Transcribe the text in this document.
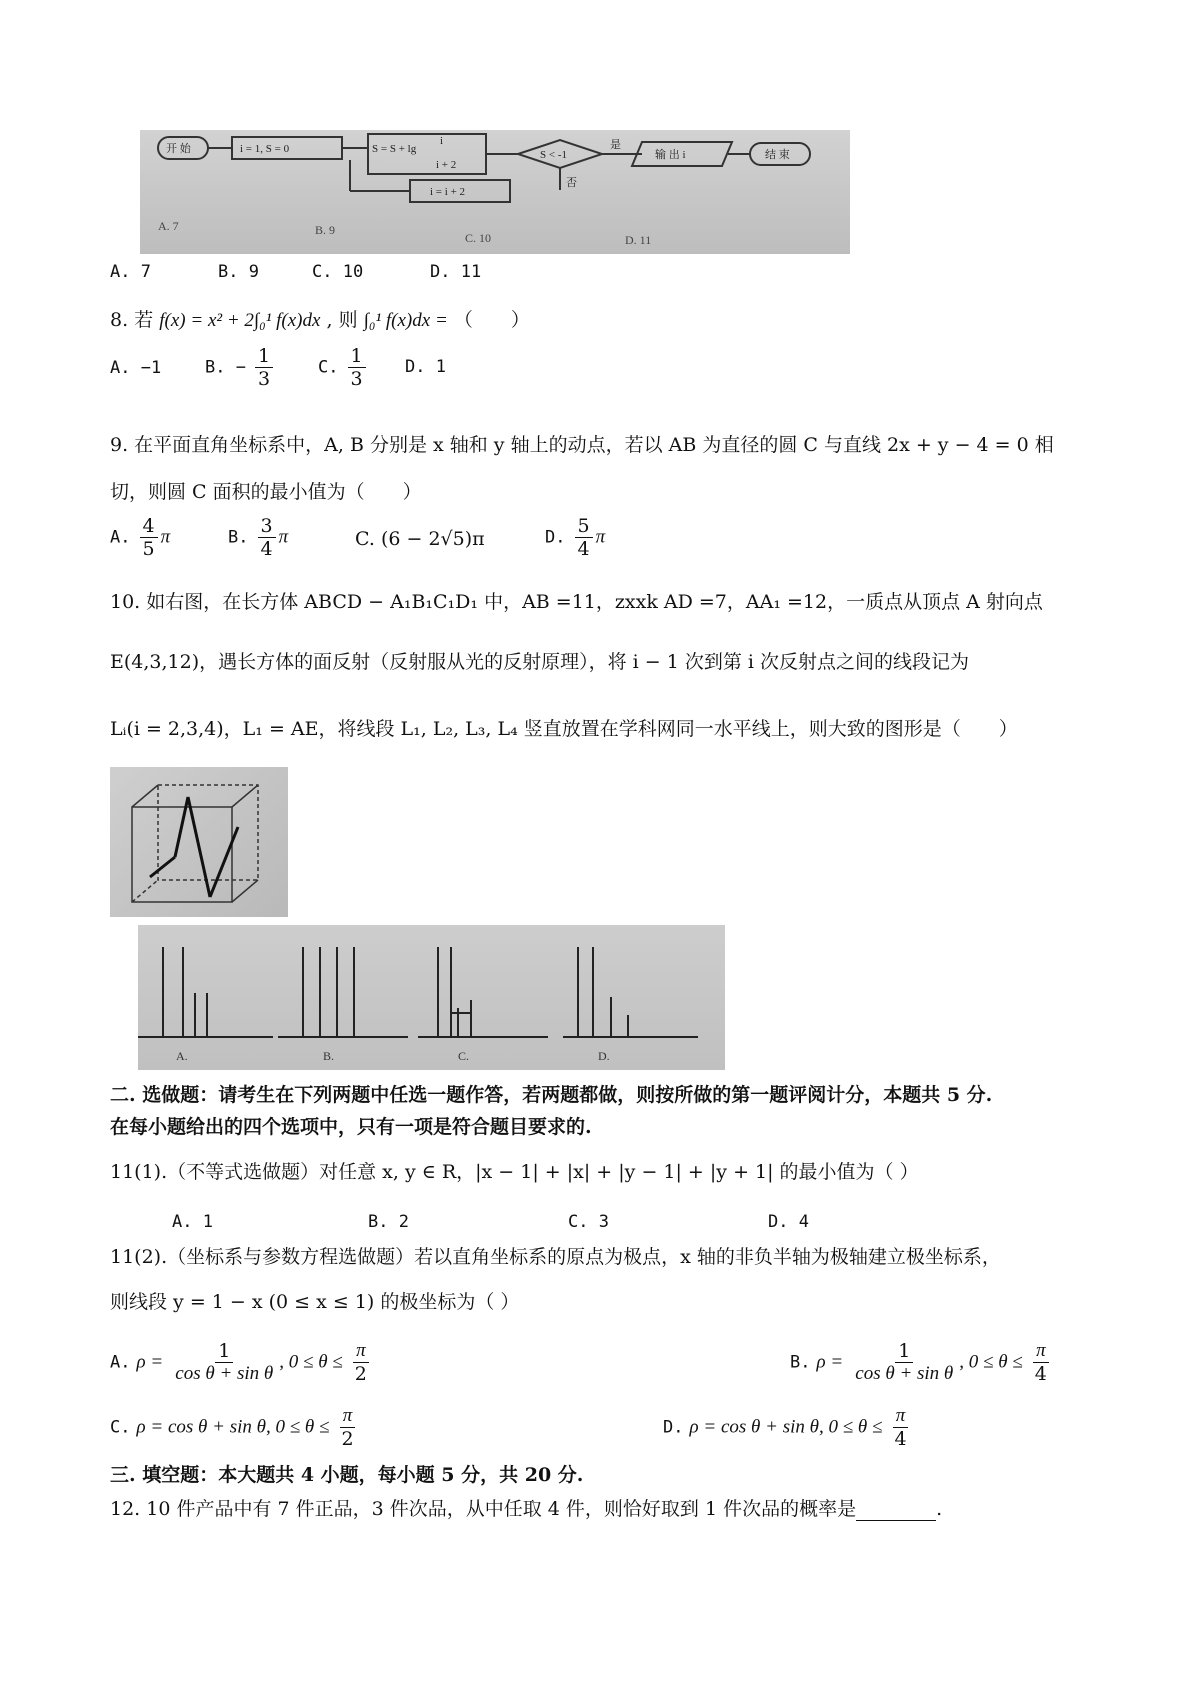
开 始	i = 1, S = 0	S = S + lg
i
i + 2
S < -1
是
否
输 出 i	结 束
i = i + 2
A. 7	B. 9
C. 10	D. 11
A. 7	B. 9	C. 10	D. 11
8. 若 f(x) = x² + 2∫₀¹ f(x)dx , 则 ∫₀¹ f(x)dx = （　　）
A. −1	B. − $\frac{1}{3}$	C. $\frac{1}{3} D$. 1
9. 在平面直角坐标系中，A, B 分别是 x 轴和 y 轴上的动点，若以 AB 为直径的圆 C 与直线 2x + y − 4 = 0 相
切，则圆 C 面积的最小值为（　　）
A. $\frac{4}{5}$ π	B. $\frac{3}{4}$ π	C. (6 − 2√5)π	D. $\frac{5}{4}$ π
10. 如右图，在长方体 ABCD − A₁B₁C₁D₁ 中，AB =11，zxxk AD =7，AA₁ =12，一质点从顶点 A 射向点
E(4,3,12)，遇长方体的面反射（反射服从光的反射原理），将 i − 1 次到第 i 次反射点之间的线段记为
Lᵢ(i = 2,3,4)，L₁ = AE，将线段 L₁, L₂, L₃, L₄ 竖直放置在学科网同一水平线上，则大致的图形是（　　）
A.	B.	C.	D.
二. 选做题：请考生在下列两题中任选一题作答，若两题都做，则按所做的第一题评阅计分，本题共 5 分.
在每小题给出的四个选项中，只有一项是符合题目要求的.
11(1).（不等式选做题）对任意 x, y ∈ R，|x − 1| + |x| + |y − 1| + |y + 1| 的最小值为（ ）
A. 1	B. 2	C. 3	D. 4
11(2).（坐标系与参数方程选做题）若以直角坐标系的原点为极点，x 轴的非负半轴为极轴建立极坐标系，
则线段 y = 1 − x (0 ≤ x ≤ 1) 的极坐标为（ ）
A. $\rho = \frac{1}{\text{cos θ + sin θ}}$ , $0 \le \theta \le \frac{\pi}{2}$	B. $\rho = \frac{1}{\text{cos θ + sin θ}}$ , $0 \le \theta \le \frac{\pi}{4}$
C. ρ = cos θ + sin θ, $0 \le \theta \le \frac{\pi}{2}$	D. ρ = cos θ + sin θ, $0 \le \theta \le \frac{\pi}{4}$
三. 填空题：本大题共 4 小题，每小题 5 分，共 20 分.
12. 10 件产品中有 7 件正品，3 件次品，从中任取 4 件，则恰好取到 1 件次品的概率是	.
